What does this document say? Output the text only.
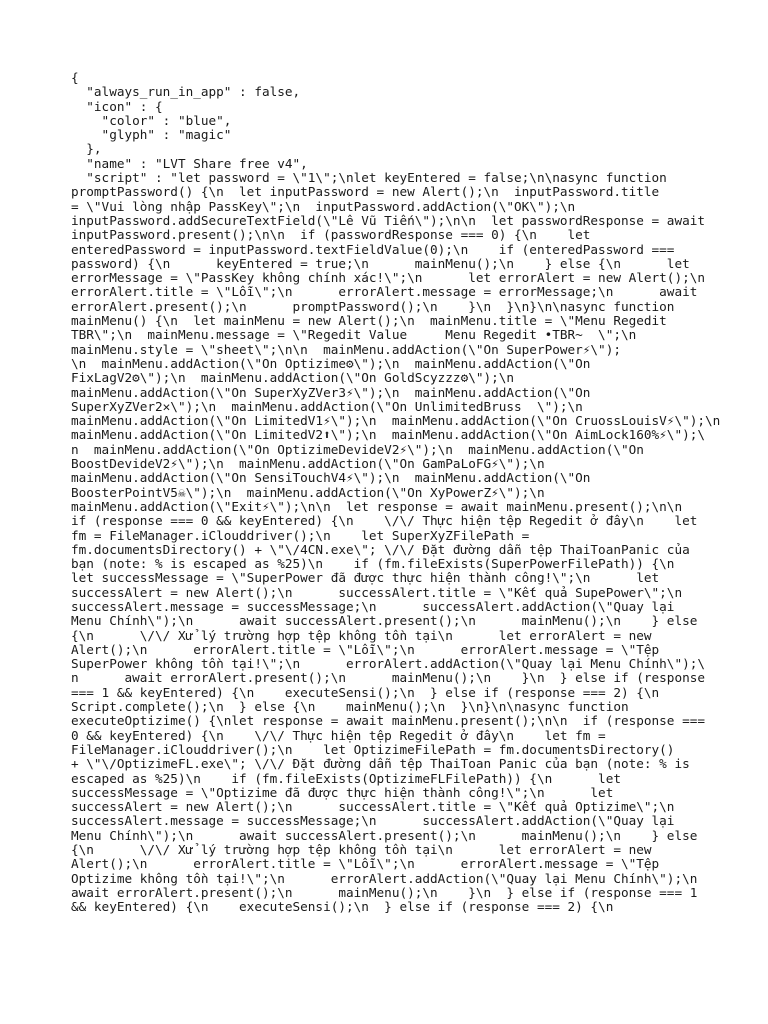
{
"always_run_in_app" : false,
"icon" : {
"color" : "blue",
"glyph" : "magic"
},
"name" : "LVT Share free v4",
"script" : "let password = \"1\";\nlet keyEntered = false;\n\nasync function
promptPassword() {\n  let inputPassword = new Alert();\n  inputPassword.title
= \"Vui lòng nhập PassKey\";\n  inputPassword.addAction(\"OK\");\n
inputPassword.addSecureTextField(\"Lê Vũ Tiến\");\n\n  let passwordResponse = await
inputPassword.present();\n\n  if (passwordResponse === 0) {\n    let
enteredPassword = inputPassword.textFieldValue(0);\n    if (enteredPassword ===
password) {\n      keyEntered = true;\n      mainMenu();\n    } else {\n      let
errorMessage = \"PassKey không chính xác!\";\n      let errorAlert = new Alert();\n
errorAlert.title = \"Lỗi\";\n      errorAlert.message = errorMessage;\n      await
errorAlert.present();\n      promptPassword();\n    }\n  }\n}\n\nasync function
mainMenu() {\n  let mainMenu = new Alert();\n  mainMenu.title = \"Menu Regedit
TBR\";\n  mainMenu.message = \"Regedit Value     Menu Regedit •TBR~  \";\n
mainMenu.style = \"sheet\";\n\n  mainMenu.addAction(\"On SuperPower⚡\");
\n  mainMenu.addAction(\"On Optizime⚙\");\n  mainMenu.addAction(\"On
FixLagV2⚙\");\n  mainMenu.addAction(\"On GoldScyzzz⚙\");\n
mainMenu.addAction(\"On SuperXyZVer3⚡\");\n  mainMenu.addAction(\"On
SuperXyZVer2✕\");\n  mainMenu.addAction(\"On UnlimitedBruss  \");\n
mainMenu.addAction(\"On LimitedV1⚡\");\n  mainMenu.addAction(\"On CruossLouisV⚡\");\n
mainMenu.addAction(\"On LimitedV2⬆\");\n  mainMenu.addAction(\"On AimLock160%⚡\");\
n  mainMenu.addAction(\"On OptizimeDevideV2⚡\");\n  mainMenu.addAction(\"On
BoostDevideV2⚡\");\n  mainMenu.addAction(\"On GamPaLoFG⚡\");\n
mainMenu.addAction(\"On SensiTouchV4⚡\");\n  mainMenu.addAction(\"On
BoosterPointV5☠\");\n  mainMenu.addAction(\"On XyPowerZ⚡\");\n
mainMenu.addAction(\"Exit⚡\");\n\n  let response = await mainMenu.present();\n\n
if (response === 0 && keyEntered) {\n    \/\/ Thực hiện tệp Regedit ở đây\n    let
fm = FileManager.iClouddriver();\n    let SuperXyZFilePath =
fm.documentsDirectory() + \"\/4CN.exe\"; \/\/ Đặt đường dẫn tệp ThaiToanPanic của
bạn (note: % is escaped as %25)\n    if (fm.fileExists(SuperPowerFilePath)) {\n
let successMessage = \"SuperPower đã được thực hiện thành công!\";\n      let
successAlert = new Alert();\n      successAlert.title = \"Kết quả SupePower\";\n
successAlert.message = successMessage;\n      successAlert.addAction(\"Quay lại
Menu Chính\");\n      await successAlert.present();\n      mainMenu();\n    } else
{\n      \/\/ Xử lý trường hợp tệp không tồn tại\n      let errorAlert = new
Alert();\n      errorAlert.title = \"Lỗi\";\n      errorAlert.message = \"Tệp
SuperPower không tồn tại!\";\n      errorAlert.addAction(\"Quay lại Menu Chính\");\
n      await errorAlert.present();\n      mainMenu();\n    }\n  } else if (response
=== 1 && keyEntered) {\n    executeSensi();\n  } else if (response === 2) {\n
Script.complete();\n  } else {\n    mainMenu();\n  }\n}\n\nasync function
executeOptizime() {\nlet response = await mainMenu.present();\n\n  if (response ===
0 && keyEntered) {\n    \/\/ Thực hiện tệp Regedit ở đây\n    let fm =
FileManager.iClouddriver();\n    let OptizimeFilePath = fm.documentsDirectory()
+ \"\/OptizimeFL.exe\"; \/\/ Đặt đường dẫn tệp ThaiToan Panic của bạn (note: % is
escaped as %25)\n    if (fm.fileExists(OptizimeFLFilePath)) {\n      let
successMessage = \"Optizime đã được thực hiện thành công!\";\n      let
successAlert = new Alert();\n      successAlert.title = \"Kết quả Optizime\";\n
successAlert.message = successMessage;\n      successAlert.addAction(\"Quay lại
Menu Chính\");\n      await successAlert.present();\n      mainMenu();\n    } else
{\n      \/\/ Xử lý trường hợp tệp không tồn tại\n      let errorAlert = new
Alert();\n      errorAlert.title = \"Lỗi\";\n      errorAlert.message = \"Tệp
Optizime không tồn tại!\";\n      errorAlert.addAction(\"Quay lại Menu Chính\");\n
await errorAlert.present();\n      mainMenu();\n    }\n  } else if (response === 1
&& keyEntered) {\n    executeSensi();\n  } else if (response === 2) {\n
